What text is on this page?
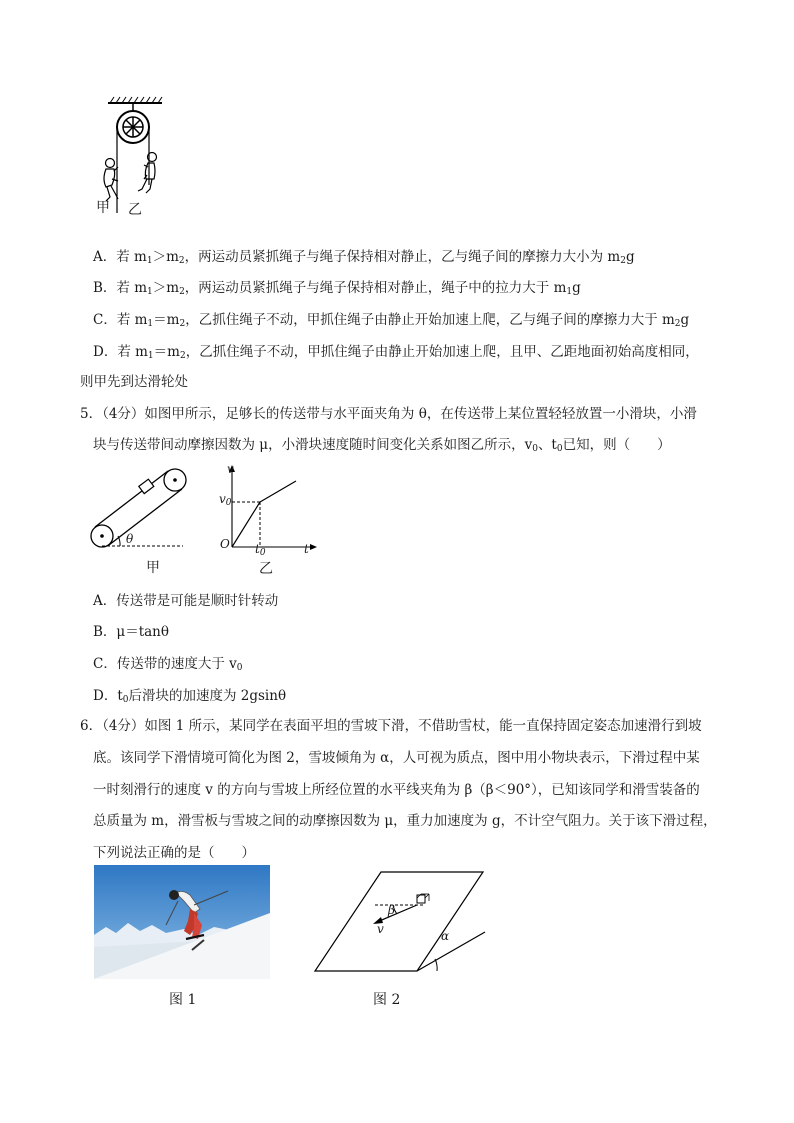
甲 乙
A．若 $m_1>m_2$，两运动员紧抓绳子与绳子保持相对静止，乙与绳子间的摩擦力大小为 $m_2g$
B．若 $m_1>m_2$，两运动员紧抓绳子与绳子保持相对静止，绳子中的拉力大于 $m_1g$
C．若 $m_1=m_2$，乙抓住绳子不动，甲抓住绳子由静止开始加速上爬，乙与绳子间的摩擦力大于 $m_2g$
D．若 $m_1=m_2$，乙抓住绳子不动，甲抓住绳子由静止开始加速上爬，且甲、乙距地面初始高度相同，
则甲先到达滑轮处
5．（4分）如图甲所示，足够长的传送带与水平面夹角为 θ，在传送带上某位置轻轻放置一小滑块，小滑
块与传送带间动摩擦因数为 μ，小滑块速度随时间变化关系如图乙所示，$v_0$、$t_0$已知，则（　　）
θ
甲
v
$v_0$
O $t_0$	t
乙
A．传送带是可能是顺时针转动
B．μ＝tanθ
C．传送带的速度大于 $v_0$
D．$t_0$后滑块的加速度为 2gsinθ
6．（4分）如图 1 所示，某同学在表面平坦的雪坡下滑，不借助雪杖，能一直保持固定姿态加速滑行到坡
底。该同学下滑情境可简化为图 2，雪坡倾角为 α，人可视为质点，图中用小物块表示，下滑过程中某
一时刻滑行的速度 v 的方向与雪坡上所经位置的水平线夹角为 β（β＜90°），已知该同学和滑雪装备的
总质量为 m，滑雪板与雪坡之间的动摩擦因数为 μ，重力加速度为 g，不计空气阻力。关于该下滑过程，
下列说法正确的是（　　）
图 1
β
v	α
图 2
